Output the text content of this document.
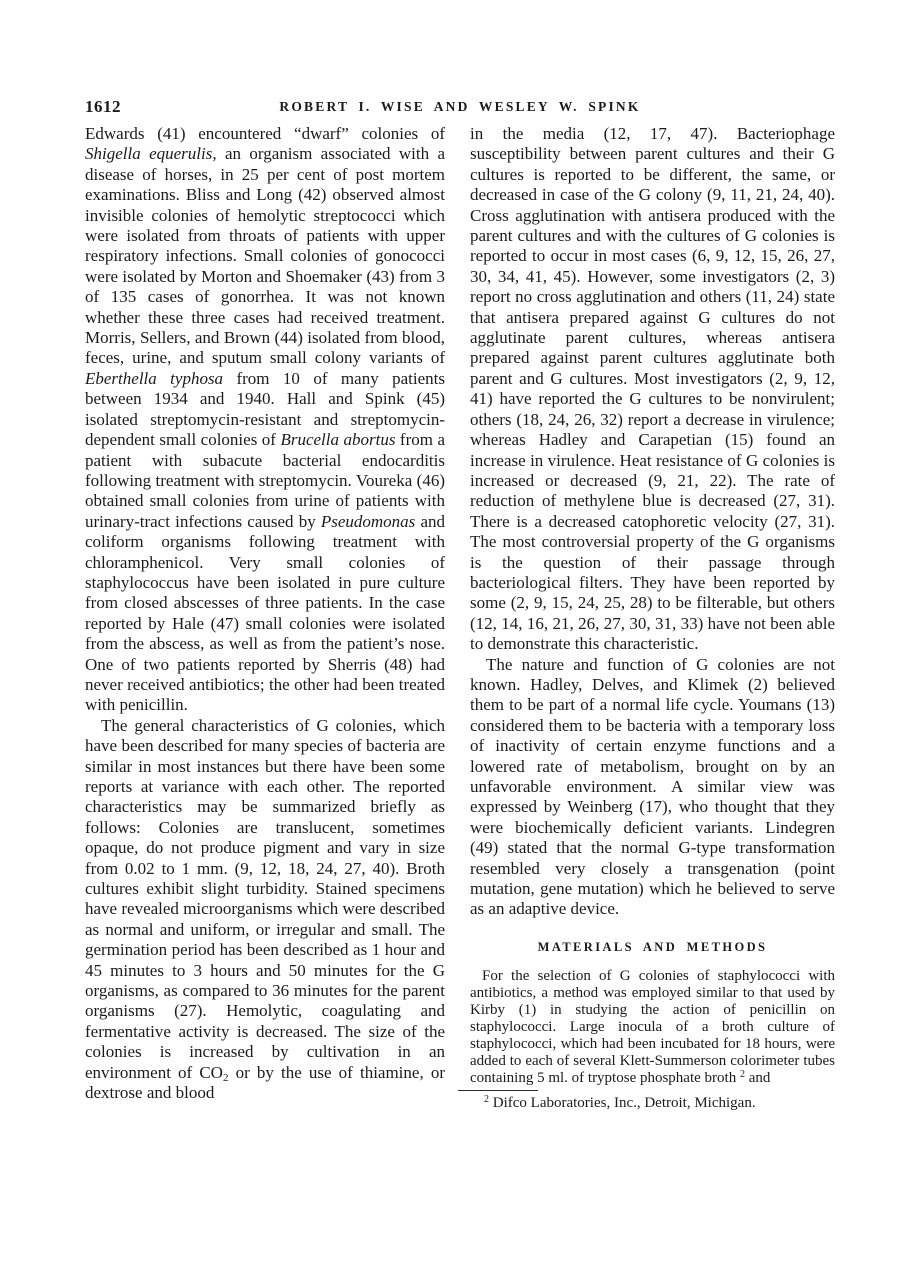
1612	ROBERT I. WISE AND WESLEY W. SPINK

Edwards (41) encountered “dwarf” colonies of Shigella equerulis, an organism associated with a disease of horses, in 25 per cent of post mortem examinations. Bliss and Long (42) observed almost invisible colonies of hemolytic streptococci which were isolated from throats of patients with upper respiratory infections. Small colonies of gonococci were isolated by Morton and Shoemaker (43) from 3 of 135 cases of gonorrhea. It was not known whether these three cases had received treatment. Morris, Sellers, and Brown (44) isolated from blood, feces, urine, and sputum small colony variants of Eberthella typhosa from 10 of many patients between 1934 and 1940. Hall and Spink (45) isolated streptomycin-resistant and streptomycin-dependent small colonies of Brucella abortus from a patient with subacute bacterial endocarditis following treatment with streptomycin. Voureka (46) obtained small colonies from urine of patients with urinary-tract infections caused by Pseudomonas and coliform organisms following treatment with chloramphenicol. Very small colonies of staphylococcus have been isolated in pure culture from closed abscesses of three patients. In the case reported by Hale (47) small colonies were isolated from the abscess, as well as from the patient’s nose. One of two patients reported by Sherris (48) had never received antibiotics; the other had been treated with penicillin.

The general characteristics of G colonies, which have been described for many species of bacteria are similar in most instances but there have been some reports at variance with each other. The reported characteristics may be summarized briefly as follows: Colonies are translucent, sometimes opaque, do not produce pigment and vary in size from 0.02 to 1 mm. (9, 12, 18, 24, 27, 40). Broth cultures exhibit slight turbidity. Stained specimens have revealed microorganisms which were described as normal and uniform, or irregular and small. The germination period has been described as 1 hour and 45 minutes to 3 hours and 50 minutes for the G organisms, as compared to 36 minutes for the parent organisms (27). Hemolytic, coagulating and fermentative activity is decreased. The size of the colonies is increased by cultivation in an environment of $CO_2$ or by the use of thiamine, or dextrose and blood

in the media (12, 17, 47). Bacteriophage susceptibility between parent cultures and their G cultures is reported to be different, the same, or decreased in case of the G colony (9, 11, 21, 24, 40). Cross agglutination with antisera produced with the parent cultures and with the cultures of G colonies is reported to occur in most cases (6, 9, 12, 15, 26, 27, 30, 34, 41, 45). However, some investigators (2, 3) report no cross agglutination and others (11, 24) state that antisera prepared against G cultures do not agglutinate parent cultures, whereas antisera prepared against parent cultures agglutinate both parent and G cultures. Most investigators (2, 9, 12, 41) have reported the G cultures to be nonvirulent; others (18, 24, 26, 32) report a decrease in virulence; whereas Hadley and Carapetian (15) found an increase in virulence. Heat resistance of G colonies is increased or decreased (9, 21, 22). The rate of reduction of methylene blue is decreased (27, 31). There is a decreased catophoretic velocity (27, 31). The most controversial property of the G organisms is the question of their passage through bacteriological filters. They have been reported by some (2, 9, 15, 24, 25, 28) to be filterable, but others (12, 14, 16, 21, 26, 27, 30, 31, 33) have not been able to demonstrate this characteristic.

The nature and function of G colonies are not known. Hadley, Delves, and Klimek (2) believed them to be part of a normal life cycle. Youmans (13) considered them to be bacteria with a temporary loss of inactivity of certain enzyme functions and a lowered rate of metabolism, brought on by an unfavorable environment. A similar view was expressed by Weinberg (17), who thought that they were biochemically deficient variants. Lindegren (49) stated that the normal G-type transformation resembled very closely a transgenation (point mutation, gene mutation) which he believed to serve as an adaptive device.

MATERIALS AND METHODS

For the selection of G colonies of staphylococci with antibiotics, a method was employed similar to that used by Kirby (1) in studying the action of penicillin on staphylococci. Large inocula of a broth culture of staphylococci, which had been incubated for 18 hours, were added to each of several Klett-Summerson colorimeter tubes containing 5 ml. of tryptose phosphate broth $^2$ and

$^2$ Difco Laboratories, Inc., Detroit, Michigan.
